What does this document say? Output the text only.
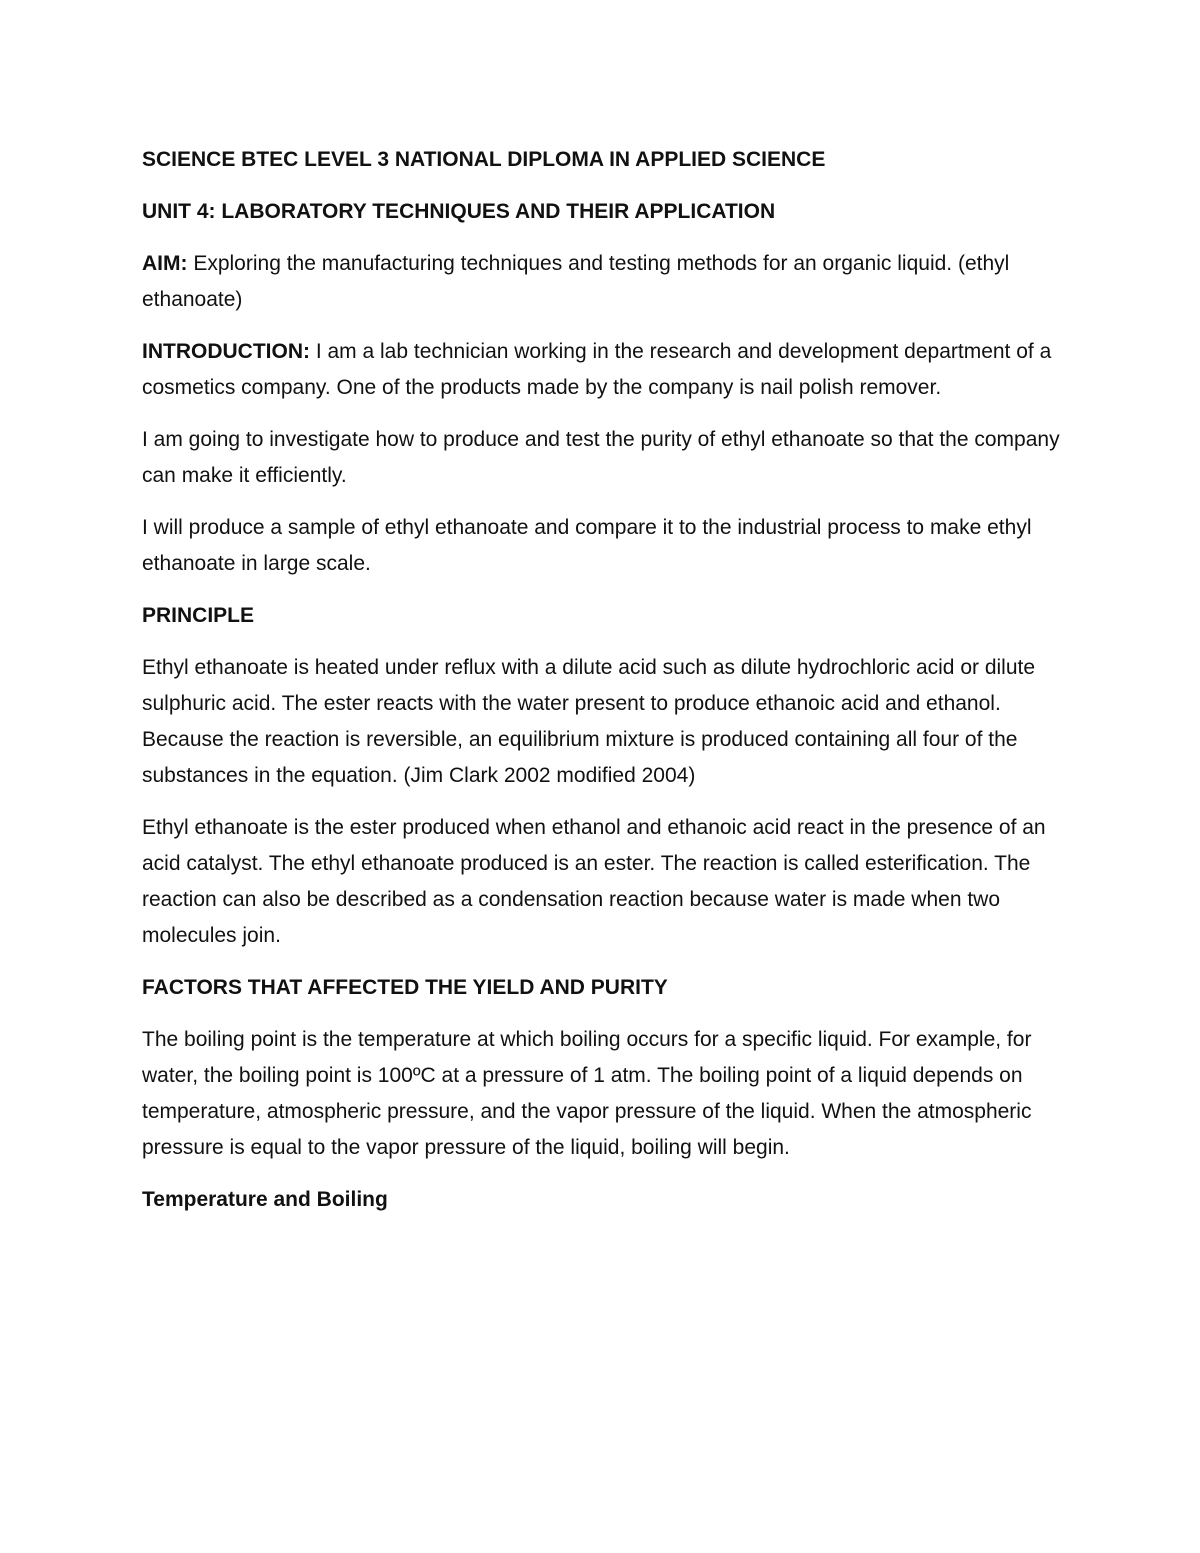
SCIENCE BTEC LEVEL 3 NATIONAL DIPLOMA IN APPLIED SCIENCE

UNIT 4: LABORATORY TECHNIQUES AND THEIR APPLICATION

AIM: Exploring the manufacturing techniques and testing methods for an organic liquid. (ethyl ethanoate)

INTRODUCTION: I am a lab technician working in the research and development department of a cosmetics company. One of the products made by the company is nail polish remover.

I am going to investigate how to produce and test the purity of ethyl ethanoate so that the company can make it efficiently.

I will produce a sample of ethyl ethanoate and compare it to the industrial process to make ethyl ethanoate in large scale.

PRINCIPLE

Ethyl ethanoate is heated under reflux with a dilute acid such as dilute hydrochloric acid or dilute sulphuric acid. The ester reacts with the water present to produce ethanoic acid and ethanol. Because the reaction is reversible, an equilibrium mixture is produced containing all four of the substances in the equation. (Jim Clark 2002 modified 2004)

Ethyl ethanoate is the ester produced when ethanol and ethanoic acid react in the presence of an acid catalyst. The ethyl ethanoate produced is an ester. The reaction is called esterification. The reaction can also be described as a condensation reaction because water is made when two molecules join.

FACTORS THAT AFFECTED THE YIELD AND PURITY

The boiling point is the temperature at which boiling occurs for a specific liquid. For example, for water, the boiling point is 100ºC at a pressure of 1 atm. The boiling point of a liquid depends on temperature, atmospheric pressure, and the vapor pressure of the liquid. When the atmospheric pressure is equal to the vapor pressure of the liquid, boiling will begin.

Temperature and Boiling
